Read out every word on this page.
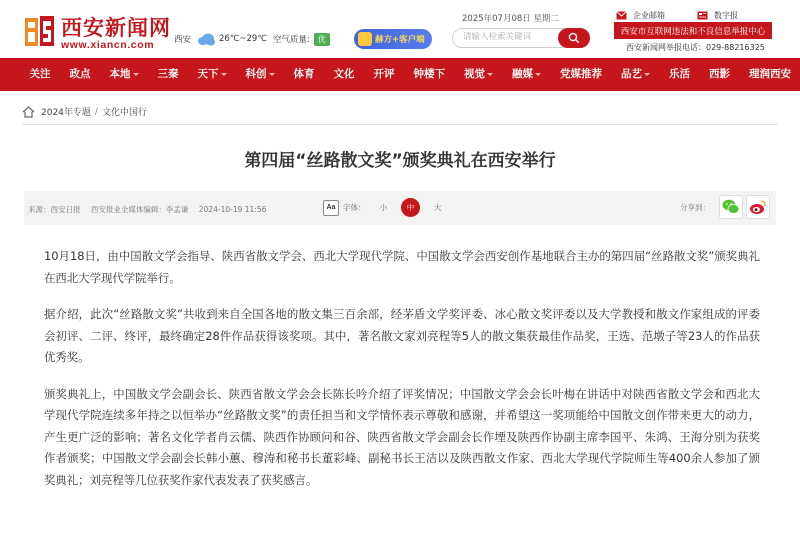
西安新闻网
www.xiancn.com 西安	26℃~29℃ 空气质量:	优	赫方+客户端
2025年07月08日 星期二
请输入检索关键词	企业邮箱	数字报
西安市互联网违法和不良信息举报中心
西安新闻网举报电话：029-88216325
关注	政点	本地	三秦	天下	科创	体育	文化	开评	钟楼下	视觉	融媒	党媒推荐	品艺	乐活	西影	理润西安
2024年专题 / 文化中国行
第四届“丝路散文奖”颁奖典礼在西安举行
来源：西安日报 西安报业全媒体编辑：李孟谦 2024-10-19 11:56	Aa	字体： 小	中	大	分享到：

10月18日，由中国散文学会指导、陕西省散文学会、西北大学现代学院、中国散文学会西安创作基地联合主办的第四届“丝路散文奖”颁奖典礼在西北大学现代学院举行。

据介绍，此次“丝路散文奖”共收到来自全国各地的散文集三百余部，经茅盾文学奖评委、冰心散文奖评委以及大学教授和散文作家组成的评委会初评、二评、终评，最终确定28件作品获得该奖项。其中，著名散文家刘亮程等5人的散文集获最佳作品奖，王选、范墩子等23人的作品获优秀奖。

颁奖典礼上，中国散文学会副会长、陕西省散文学会会长陈长吟介绍了评奖情况；中国散文学会会长叶梅在讲话中对陕西省散文学会和西北大学现代学院连续多年持之以恒举办“丝路散文奖”的责任担当和文学情怀表示尊敬和感谢，并希望这一奖项能给中国散文创作带来更大的动力，产生更广泛的影响；著名文化学者肖云儒、陕西作协顾问和谷、陕西省散文学会副会长作堙及陕西作协副主席李国平、朱鸿、王海分别为获奖作者颁奖；中国散文学会副会长韩小蕙、穆涛和秘书长董彩峰、副秘书长王洁以及陕西散文作家、西北大学现代学院师生等400余人参加了颁奖典礼；刘亮程等几位获奖作家代表发表了获奖感言。
